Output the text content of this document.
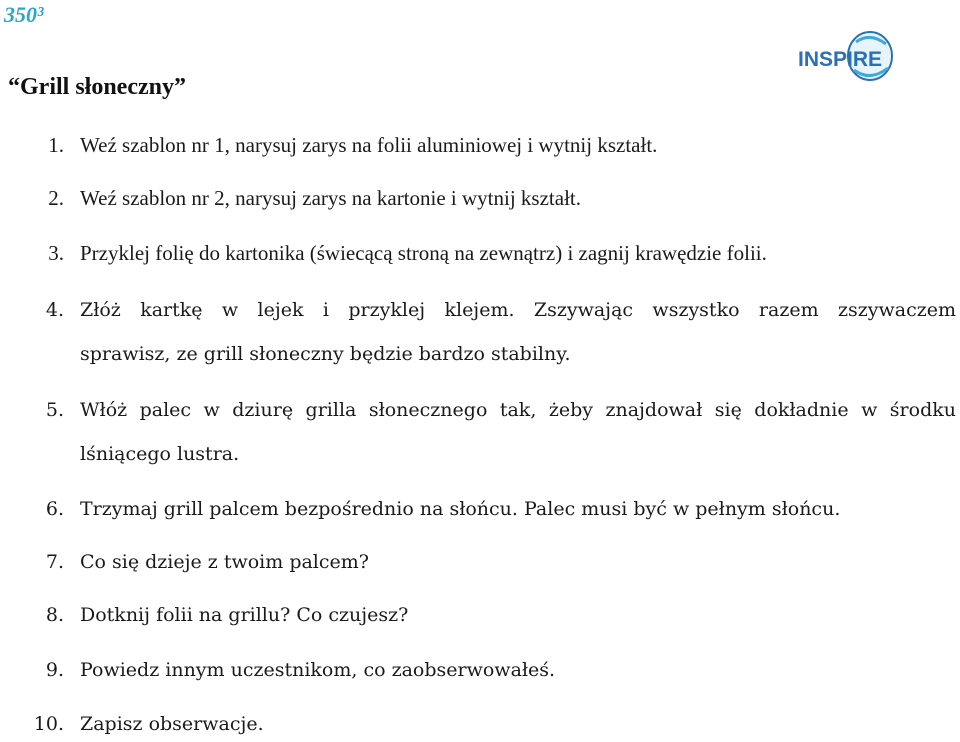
350³
INSPIRE
“Grill słoneczny”
1. Weź szablon nr 1, narysuj zarys na folii aluminiowej i wytnij kształt.
2. Weź szablon nr 2, narysuj zarys na kartonie i wytnij kształt.
3. Przyklej folię do kartonika (świecącą stroną na zewnątrz) i zagnij krawędzie folii.
4. Złóż kartkę w lejek i przyklej klejem. Zszywając wszystko razem zszywaczem
sprawisz, ze grill słoneczny będzie bardzo stabilny.
5. Włóż palec w dziurę grilla słonecznego tak, żeby znajdował się dokładnie w środku
lśniącego lustra.
6. Trzymaj grill palcem bezpośrednio na słońcu. Palec musi być w pełnym słońcu.
7. Co się dzieje z twoim palcem?
8. Dotknij folii na grillu? Co czujesz?
9. Powiedz innym uczestnikom, co zaobserwowałeś.
10. Zapisz obserwacje.
